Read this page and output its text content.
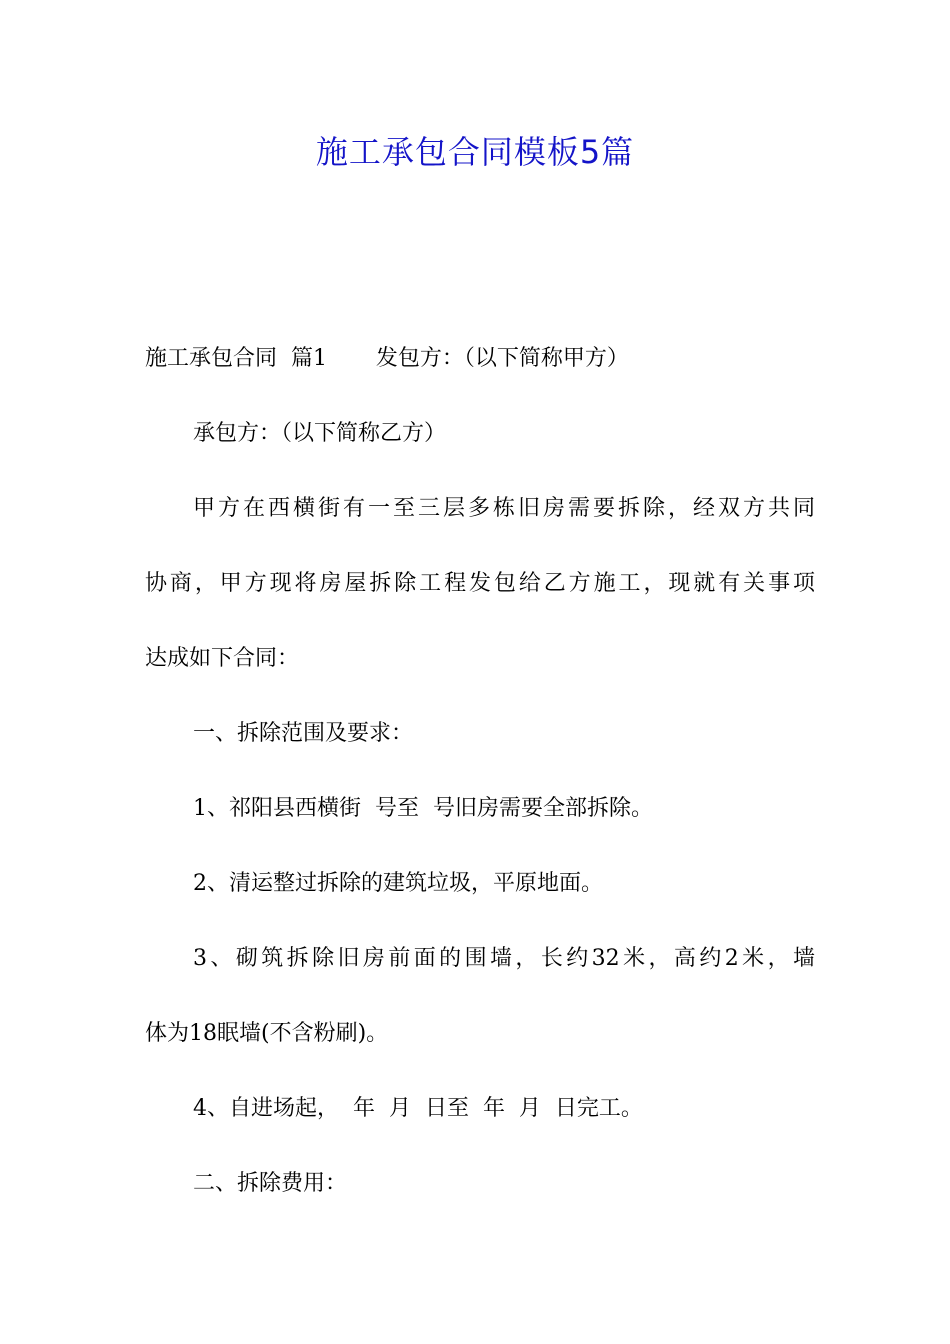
施工承包合同模板5篇
施工承包合同  篇1       发包方：（以下简称甲方）
承包方：（以下简称乙方）
甲方在西横街有一至三层多栋旧房需要拆除，经双方共同
协商，甲方现将房屋拆除工程发包给乙方施工，现就有关事项
达成如下合同：
一、拆除范围及要求：
1、祁阳县西横街  号至  号旧房需要全部拆除。
2、清运整过拆除的建筑垃圾，平原地面。
3、砌筑拆除旧房前面的围墙，长约32米，高约2米，墙
体为18眠墙(不含粉刷)。
4、自进场起，  年  月  日至  年  月  日完工。
二、拆除费用：
